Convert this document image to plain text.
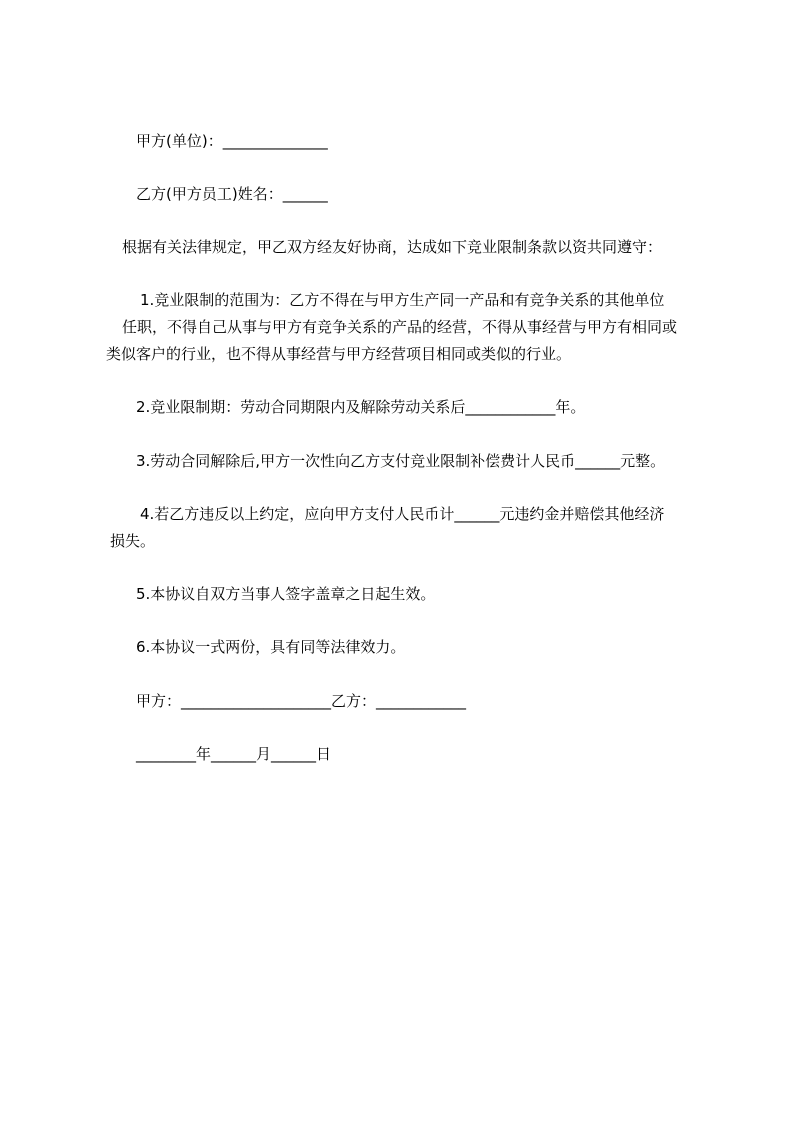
甲方(单位)：______________
乙方(甲方员工)姓名：______
根据有关法律规定，甲乙双方经友好协商，达成如下竞业限制条款以资共同遵守：
1.竞业限制的范围为：乙方不得在与甲方生产同一产品和有竞争关系的其他单位
任职，不得自己从事与甲方有竞争关系的产品的经营，不得从事经营与甲方有相同或
类似客户的行业，也不得从事经营与甲方经营项目相同或类似的行业。
2.竞业限制期：劳动合同期限内及解除劳动关系后____________年。
3.劳动合同解除后,甲方一次性向乙方支付竞业限制补偿费计人民币______元整。
4.若乙方违反以上约定，应向甲方支付人民币计______元违约金并赔偿其他经济
损失。
5.本协议自双方当事人签字盖章之日起生效。
6.本协议一式两份，具有同等法律效力。
甲方：____________________乙方：____________
________年______月______日
